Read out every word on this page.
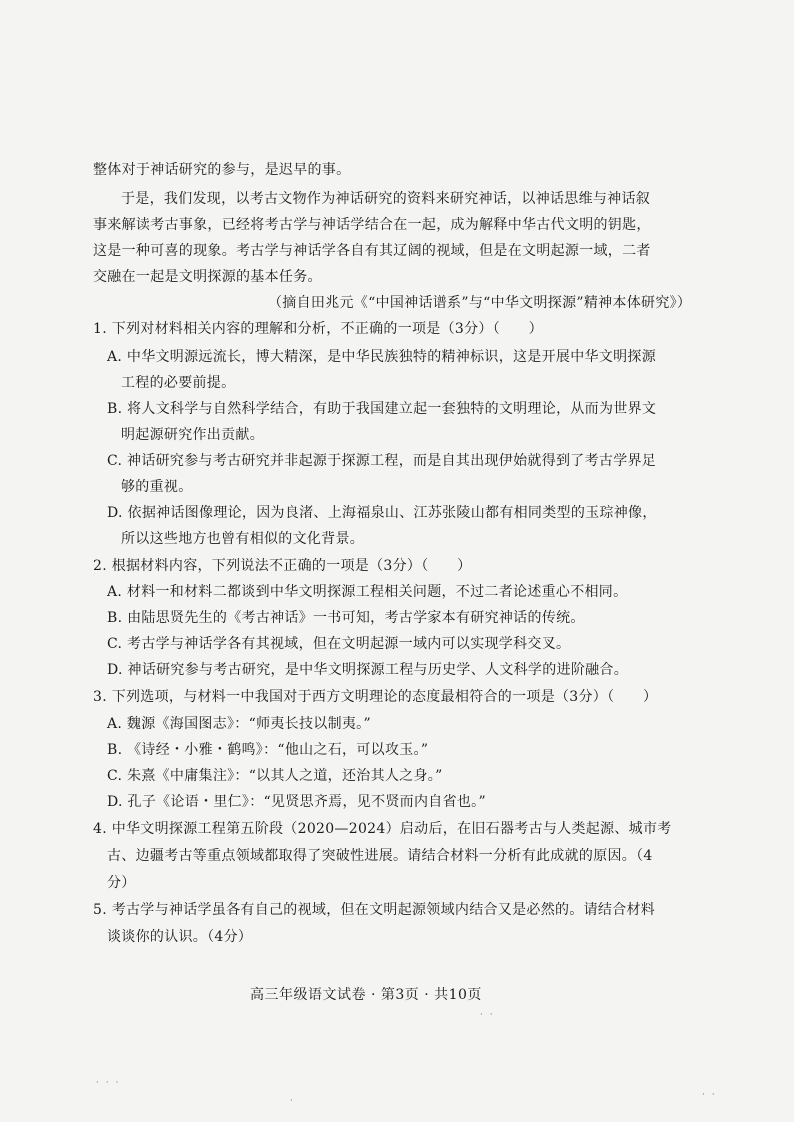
整体对于神话研究的参与，是迟早的事。
于是，我们发现，以考古文物作为神话研究的资料来研究神话，以神话思维与神话叙
事来解读考古事象，已经将考古学与神话学结合在一起，成为解释中华古代文明的钥匙，
这是一种可喜的现象。考古学与神话学各自有其辽阔的视域，但是在文明起源一域，二者
交融在一起是文明探源的基本任务。
（摘自田兆元《“中国神话谱系”与“中华文明探源”精神本体研究》）
1. 下列对材料相关内容的理解和分析，不正确的一项是（3分）（　　）
A. 中华文明源远流长，博大精深，是中华民族独特的精神标识，这是开展中华文明探源
工程的必要前提。
B. 将人文科学与自然科学结合，有助于我国建立起一套独特的文明理论，从而为世界文
明起源研究作出贡献。
C. 神话研究参与考古研究并非起源于探源工程，而是自其出现伊始就得到了考古学界足
够的重视。
D. 依据神话图像理论，因为良渚、上海福泉山、江苏张陵山都有相同类型的玉琮神像，
所以这些地方也曾有相似的文化背景。
2. 根据材料内容，下列说法不正确的一项是（3分）（　　）
A. 材料一和材料二都谈到中华文明探源工程相关问题，不过二者论述重心不相同。
B. 由陆思贤先生的《考古神话》一书可知，考古学家本有研究神话的传统。
C. 考古学与神话学各有其视域，但在文明起源一域内可以实现学科交叉。
D. 神话研究参与考古研究，是中华文明探源工程与历史学、人文科学的进阶融合。
3. 下列选项，与材料一中我国对于西方文明理论的态度最相符合的一项是（3分）（　　）
A. 魏源《海国图志》：“师夷长技以制夷。”
B. 《诗经・小雅・鹤鸣》：“他山之石，可以攻玉。”
C. 朱熹《中庸集注》：“以其人之道，还治其人之身。”
D. 孔子《论语・里仁》：“见贤思齐焉，见不贤而内自省也。”
4. 中华文明探源工程第五阶段（2020—2024）启动后，在旧石器考古与人类起源、城市考
古、边疆考古等重点领域都取得了突破性进展。请结合材料一分析有此成就的原因。（4
分）
5. 考古学与神话学虽各有自己的视域，但在文明起源领域内结合又是必然的。请结合材料
谈谈你的认识。（4分）
高三年级语文试卷 · 第3页 · 共10页
· ·
· · ·
·
· ·
